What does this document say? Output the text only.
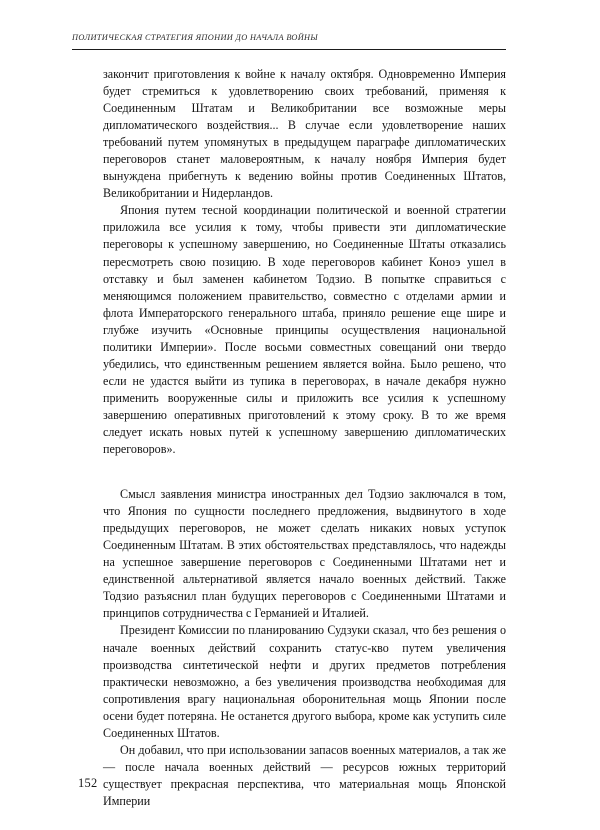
ПОЛИТИЧЕСКАЯ СТРАТЕГИЯ ЯПОНИИ ДО НАЧАЛА ВОЙНЫ

закончит приготовления к войне к началу октября. Одновременно Империя будет стремиться к удовлетворению своих требований, применяя к Соединенным Штатам и Великобритании все возможные меры дипломатического воздействия... В случае если удовлетворение наших требований путем упомянутых в предыдущем параграфе дипломатических переговоров станет маловероятным, к началу ноября Империя будет вынуждена прибегнуть к ведению войны против Соединенных Штатов, Великобритании и Нидерландов.

Япония путем тесной координации политической и военной стратегии приложила все усилия к тому, чтобы привести эти дипломатические переговоры к успешному завершению, но Соединенные Штаты отказались пересмотреть свою позицию. В ходе переговоров кабинет Коноэ ушел в отставку и был заменен кабинетом Тодзио. В попытке справиться с меняющимся положением правительство, совместно с отделами армии и флота Императорского генерального штаба, приняло решение еще шире и глубже изучить «Основные принципы осуществления национальной политики Империи». После восьми совместных совещаний они твердо убедились, что единственным решением является война. Было решено, что если не удастся выйти из тупика в переговорах, в начале декабря нужно применить вооруженные силы и приложить все усилия к успешному завершению оперативных приготовлений к этому сроку. В то же время следует искать новых путей к успешному завершению дипломатических переговоров».

Смысл заявления министра иностранных дел Тодзио заключался в том, что Япония по сущности последнего предложения, выдвинутого в ходе предыдущих переговоров, не может сделать никаких новых уступок Соединенным Штатам. В этих обстоятельствах представлялось, что надежды на успешное завершение переговоров с Соединенными Штатами нет и единственной альтернативой является начало военных действий. Также Тодзио разъяснил план будущих переговоров с Соединенными Штатами и принципов сотрудничества с Германией и Италией.

Президент Комиссии по планированию Судзуки сказал, что без решения о начале военных действий сохранить статус-кво путем увеличения производства синтетической нефти и других предметов потребления практически невозможно, а без увеличения производства необходимая для сопротивления врагу национальная оборонительная мощь Японии после осени будет потеряна. Не останется другого выбора, кроме как уступить силе Соединенных Штатов.

Он добавил, что при использовании запасов военных материалов, а так же — после начала военных действий — ресурсов южных территорий существует прекрасная перспектива, что материальная мощь Японской Империи

152
